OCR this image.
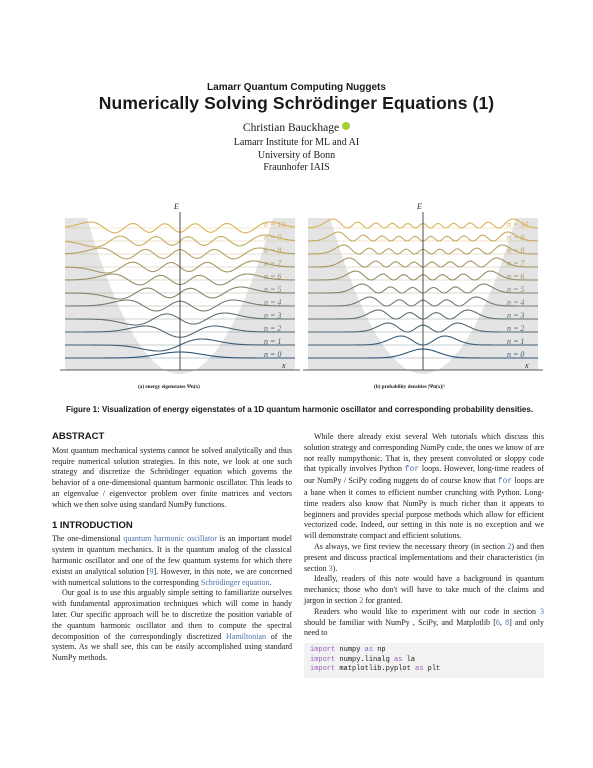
Lamarr Quantum Computing Nuggets
Numerically Solving Schrödinger Equations (1)
Christian Bauckhage
Lamarr Institute for ML and AI
University of Bonn
Fraunhofer IAIS
E
x
n = 10
n = 9
n = 8
n = 7
n = 6
n = 5
n = 4
n = 3
n = 2
n = 1
n = 0
E
x
n = 10
n = 9
n = 8
n = 7
n = 6
n = 5
n = 4
n = 3
n = 2
n = 1
n = 0
(a) energy eigenstates Ψn(x)	(b) probability densities |Ψn(x)|²
Figure 1: Visualization of energy eigenstates of a 1D quantum harmonic oscillator and corresponding probability densities.
ABSTRACT

Most quantum mechanical systems cannot be solved analytically and thus require numerical solution strategies. In this note, we look at one such strategy and discretize the Schrödinger equation which governs the behavior of a one-dimensional quantum harmonic oscillator. This leads to an eigenvalue / eigenvector problem over finite matrices and vectors which we then solve using standard NumPy functions.

1 INTRODUCTION

The one-dimensional quantum harmonic oscillator is an important model system in quantum mechanics. It is the quantum analog of the classical harmonic oscillator and one of the few quantum systems for which there existst an analytical solution [9]. However, in this note, we are concerned with numerical solutions to the corresponding Schrödinger equation.

Our goal is to use this arguably simple setting to familiarize ourselves with fundamental approximation techniques which will come in handy later. Our specific approach will be to discretize the position variable of the quantum harmonic oscillator and then to compute the spectral decomposition of the correspondingly discretized Hamiltonian of the system. As we shall see, this can be easily accomplished using standard NumPy methods.

While there already exist several Web tutorials which discuss this solution strategy and corresponding NumPy code, the ones we know of are not really numpythonic. That is, they present convoluted or sloppy code that typically involves Python for loops. However, long-time readers of our NumPy / SciPy coding nuggets do of course know that for loops are a bane when it comes to efficient number crunching with Python. Long-time readers also know that NumPy is much richer than it appears to beginners and provides special purpose methods which allow for efficient vectorized code. Indeed, our setting in this note is no exception and we will demonstrate compact and efficient solutions.

As always, we first review the necessary theory (in section 2) and then present and discuss practical implementations and their characteristics (in section 3).

Ideally, readers of this note would have a background in quantum mechanics; those who don't will have to take much of the claims and jargon in section 2 for granted.

Readers who would like to experiment with our code in section 3 should be familiar with NumPy , SciPy, and Matplotlib [6, 8] and only need to

import numpy as np
import numpy.linalg as la
import matplotlib.pyplot as plt
